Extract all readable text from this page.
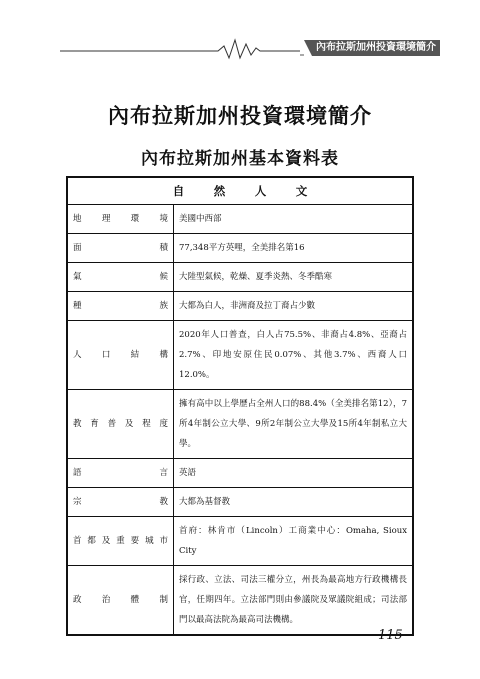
內布拉斯加州投資環境簡介
內布拉斯加州投資環境簡介
內布拉斯加州基本資料表
自　然　人　文	
地理環境	美國中西部
面積	77,348平方英哩，全美排名第16
氣候	大陸型氣候，乾燥、夏季炎熱、冬季酷寒
種族	大都為白人，非洲裔及拉丁裔占少數
人口結構	2020年人口普查，白人占75.5%、非裔占4.8%、亞裔占2.7%、印地安原住民0.07%、其他3.7%、西裔人口12.0%。
教育普及程度	擁有高中以上學歷占全州人口的88.4%（全美排名第12），7所4年制公立大學、9所2年制公立大學及15所4年制私立大學。
語言	英語
宗教	大都為基督教
首都及重要城市	首府：林肯市（Lincoln）工商業中心：Omaha, Sioux City
政治體制	採行政、立法、司法三權分立，州長為最高地方行政機構長官，任期四年。立法部門則由參議院及眾議院組成；司法部門以最高法院為最高司法機構。
115
